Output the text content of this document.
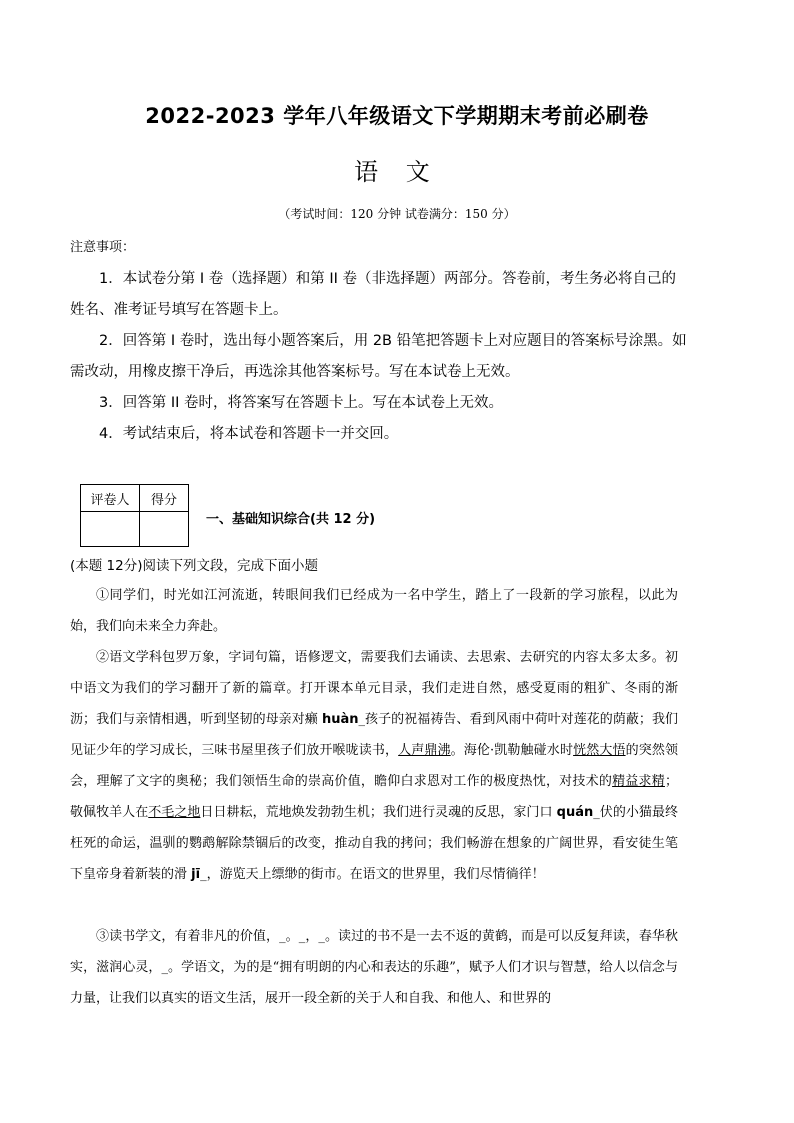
2022-2023 学年八年级语文下学期期末考前必刷卷
语 文
（考试时间：120 分钟 试卷满分：150 分）
注意事项：

1．本试卷分第 I 卷（选择题）和第 II 卷（非选择题）两部分。答卷前，考生务必将自己的姓名、准考证号填写在答题卡上。

2．回答第 I 卷时，选出每小题答案后，用 2B 铅笔把答题卡上对应题目的答案标号涂黑。如需改动，用橡皮擦干净后，再选涂其他答案标号。写在本试卷上无效。

3．回答第 II 卷时，将答案写在答题卡上。写在本试卷上无效。

4．考试结束后，将本试卷和答题卡一并交回。

评卷人	得分

一、基础知识综合(共 12 分)
(本题 12分)阅读下列文段，完成下面小题

①同学们，时光如江河流逝，转眼间我们已经成为一名中学生，踏上了一段新的学习旅程，以此为始，我们向未来全力奔赴。

②语文学科包罗万象，字词句篇，语修逻文，需要我们去诵读、去思索、去研究的内容太多太多。初中语文为我们的学习翻开了新的篇章。打开课本单元目录，我们走进自然，感受夏雨的粗犷、冬雨的渐沥；我们与亲情相遇，听到坚韧的母亲对癞 huàn_孩子的祝福祷告、看到风雨中荷叶对莲花的荫蔽；我们见证少年的学习成长，三味书屋里孩子们放开喉咙读书，人声鼎沸。海伦·凯勒触碰水时恍然大悟的突然领会，理解了文字的奥秘；我们领悟生命的崇高价值，瞻仰白求恩对工作的极度热忱，对技术的精益求精；敬佩牧羊人在不毛之地日日耕耘，荒地焕发勃勃生机；我们进行灵魂的反思，家门口 quán_伏的小猫最终枉死的命运，温驯的鹦鹉解除禁锢后的改变，推动自我的拷问；我们畅游在想象的广阔世界，看安徒生笔下皇帝身着新装的滑 jī_，游览天上缥缈的街市。在语文的世界里，我们尽情徜徉！

③读书学文，有着非凡的价值，_。_，_。读过的书不是一去不返的黄鹤，而是可以反复拜读，春华秋实，滋润心灵，_。学语文，为的是“拥有明朗的内心和表达的乐趣”，赋予人们才识与智慧，给人以信念与力量，让我们以真实的语文生活，展开一段全新的关于人和自我、和他人、和世界的
